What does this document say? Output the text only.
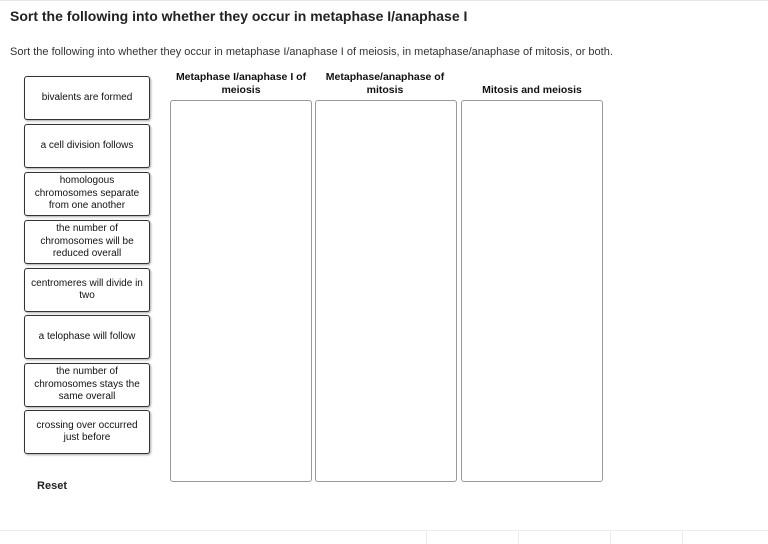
Sort the following into whether they occur in metaphase I/anaphase I
Sort the following into whether they occur in metaphase I/anaphase I of meiosis, in metaphase/anaphase of mitosis, or both.
bivalents are formed
a cell division follows
homologous chromosomes separate from one another
the number of chromosomes will be reduced overall
centromeres will divide in two
a telophase will follow
the number of chromosomes stays the same overall
crossing over occurred just before
Metaphase I/anaphase I of meiosis
Metaphase/anaphase of mitosis	Mitosis and meiosis
Reset
